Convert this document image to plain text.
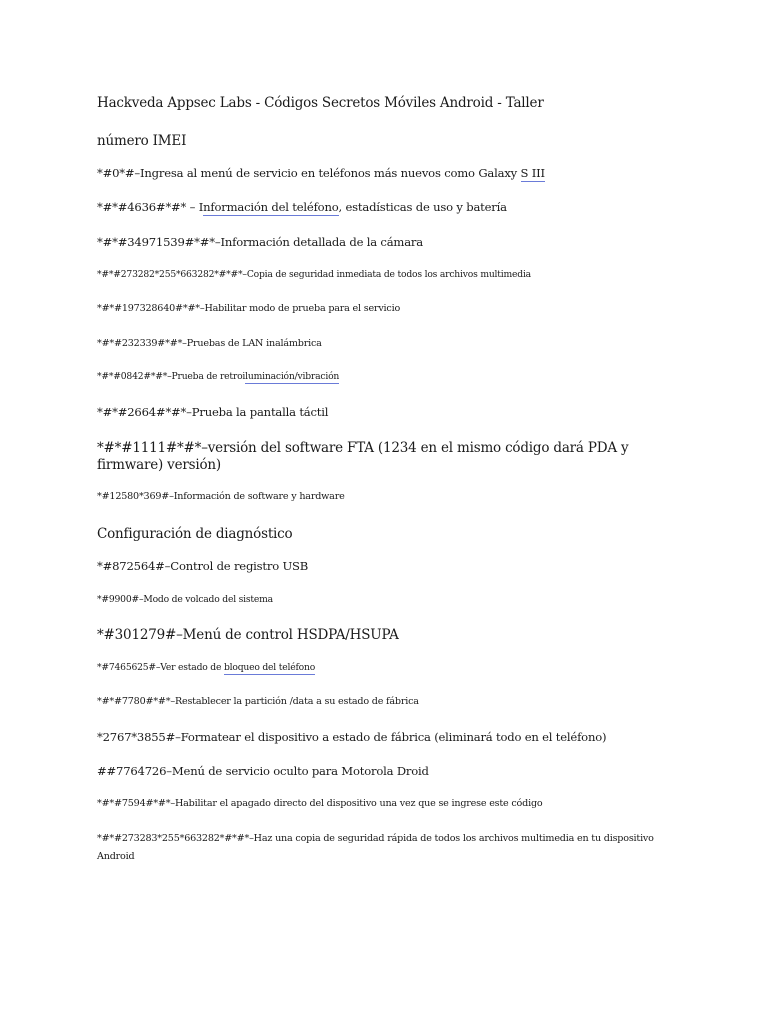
Hackveda Appsec Labs - Códigos Secretos Móviles Android - Taller
número IMEI
*#0*#–Ingresa al menú de servicio en teléfonos más nuevos como Galaxy S III
*#*#4636#*#* – Información del teléfono, estadísticas de uso y batería
*#*#34971539#*#*–Información detallada de la cámara
*#*#273282*255*663282*#*#*–Copia de seguridad inmediata de todos los archivos multimedia
*#*#197328640#*#*–Habilitar modo de prueba para el servicio
*#*#232339#*#*–Pruebas de LAN inalámbrica
*#*#0842#*#*–Prueba de retroiluminación/vibración
*#*#2664#*#*–Prueba la pantalla táctil
*#*#1111#*#*–versión del software FTA (1234 en el mismo código dará PDA y firmware) versión)
*#12580*369#–Información de software y hardware
Configuración de diagnóstico
*#872564#–Control de registro USB
*#9900#–Modo de volcado del sistema
*#301279#–Menú de control HSDPA/HSUPA
*#7465625#–Ver estado de bloqueo del teléfono
*#*#7780#*#*–Restablecer la partición /data a su estado de fábrica
*2767*3855#–Formatear el dispositivo a estado de fábrica (eliminará todo en el teléfono)
##7764726–Menú de servicio oculto para Motorola Droid
*#*#7594#*#*–Habilitar el apagado directo del dispositivo una vez que se ingrese este código
*#*#273283*255*663282*#*#*–Haz una copia de seguridad rápida de todos los archivos multimedia en tu dispositivo Android
